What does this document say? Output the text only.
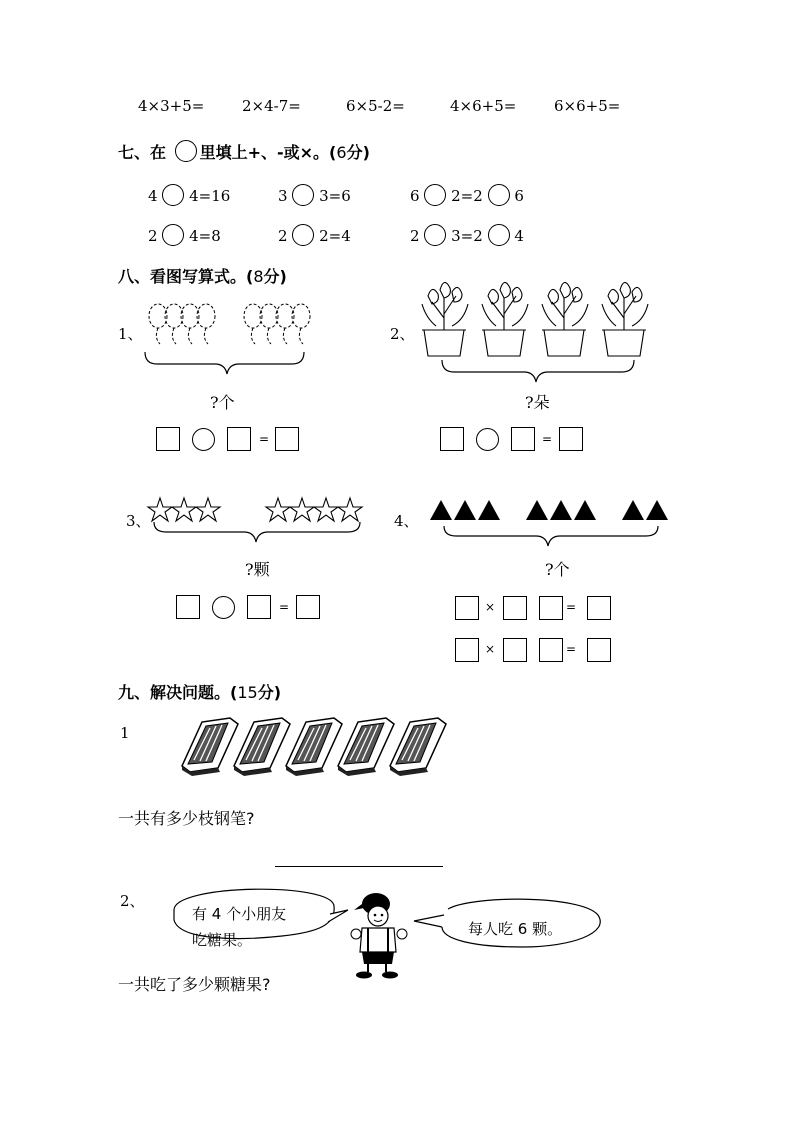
4×3+5=	2×4-7=	6×5-2=	4×6+5=	6×6+5=
七、在 里填上+、-或×。(6分)
4 4=16	3 3=6	6 2=2 6
2 4=8	2 2=4	2 3=2 4
八、看图写算式。(8分)
1、
?个
=
2、
?朵
=
3、
?颗
=
4、
?个
×	=
×	=
九、解决问题。(15分)
1
一共有多少枝钢笔?
2、
有 4 个小朋友
吃糖果。
每人吃 6 颗。
一共吃了多少颗糖果?
